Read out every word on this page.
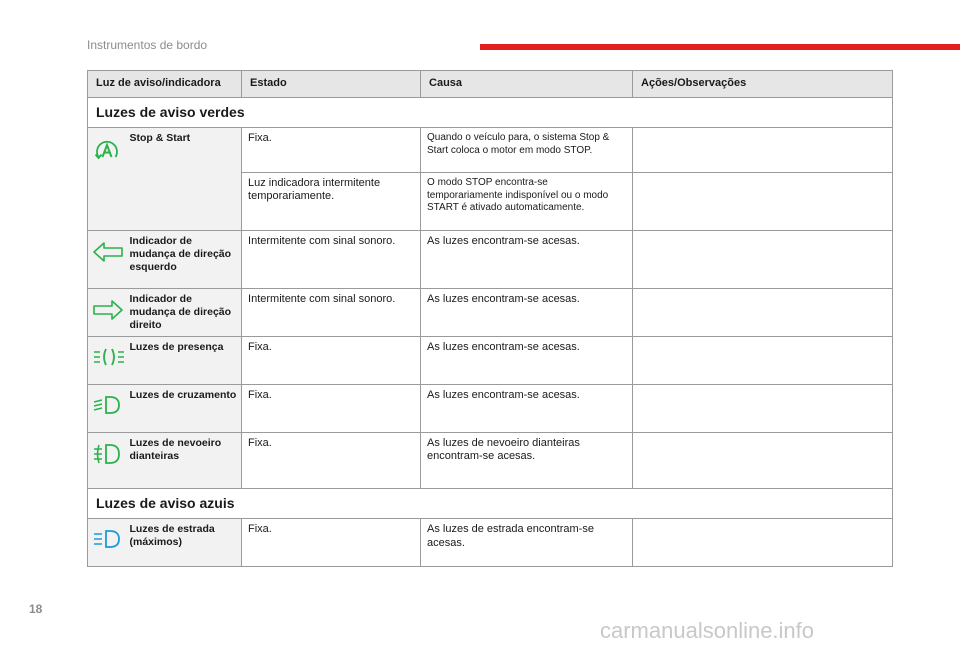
Instrumentos de bordo
Luz de aviso/indicadora		Estado	Causa	Ações/Observações
Luzes de aviso verdes				
	Stop & Start	Fixa.	Quando o veículo para, o sistema Stop & Start coloca o motor em modo STOP.	
		Luz indicadora intermitente temporariamente.	O modo STOP encontra-se temporariamente indisponível ou o modo START é ativado automaticamente.	
	Indicador de mudança de direção esquerdo	Intermitente com sinal sonoro.	As luzes encontram-se acesas.	
	Indicador de mudança de direção direito	Intermitente com sinal sonoro.	As luzes encontram-se acesas.	
	Luzes de presença	Fixa.	As luzes encontram-se acesas.	
	Luzes de cruzamento	Fixa.	As luzes encontram-se acesas.	
	Luzes de nevoeiro dianteiras	Fixa.	As luzes de nevoeiro dianteiras encontram-se acesas.	
Luzes de aviso azuis				
	Luzes de estrada (máximos)	Fixa.	As luzes de estrada encontram-se acesas.	
18
carmanualsonline.info
